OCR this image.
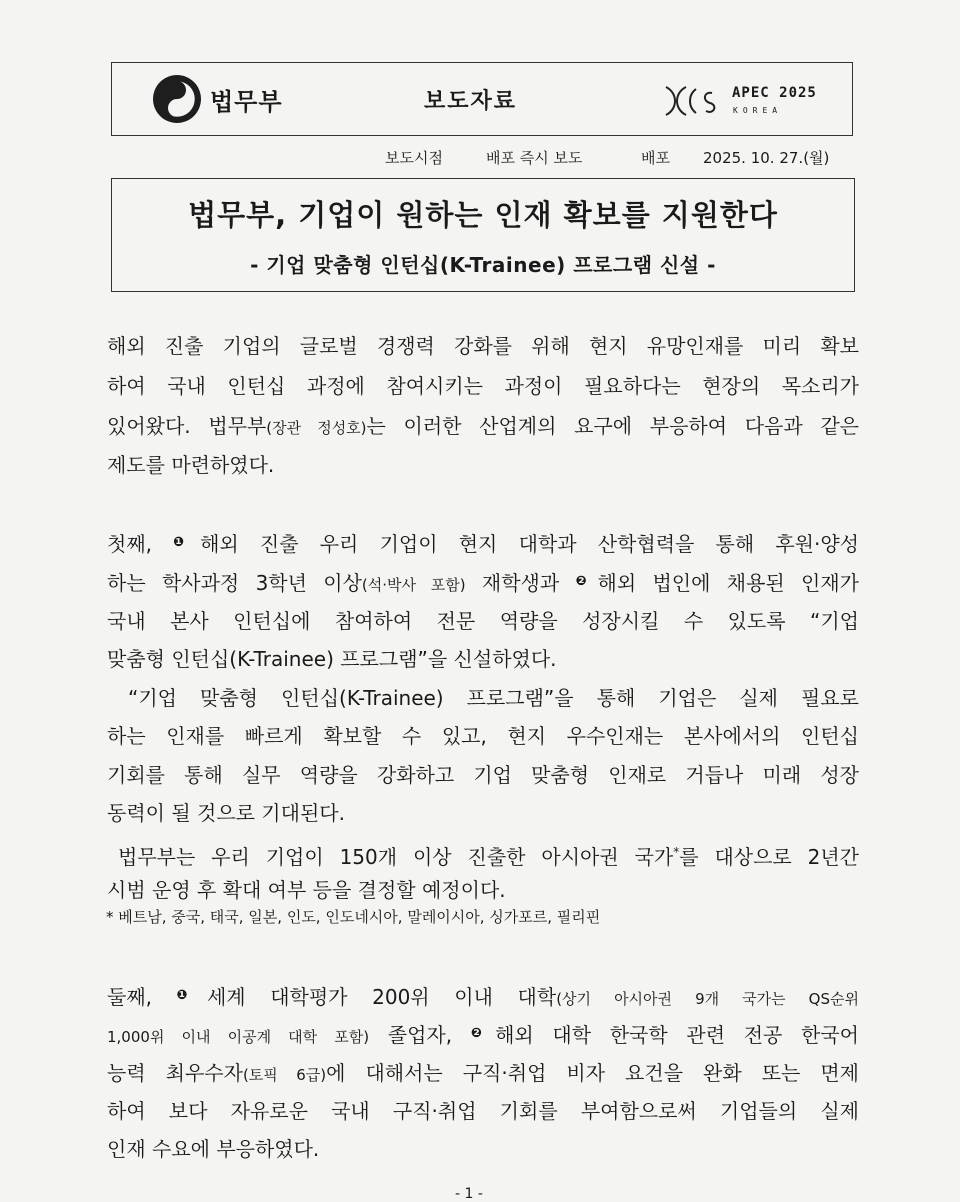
법무부	보도자료	APEC 2025
KOREA
보도시점	배포 즉시 보도	배포 2025. 10. 27.(월)
법무부, 기업이 원하는 인재 확보를 지원한다
- 기업 맞춤형 인턴십(K-Trainee) 프로그램 신설 -
해외 진출 기업의 글로벌 경쟁력 강화를 위해 현지 유망인재를 미리 확보
하여 국내 인턴십 과정에 참여시키는 과정이 필요하다는 현장의 목소리가
있어왔다. 법무부(장관 정성호)는 이러한 산업계의 요구에 부응하여 다음과 같은
제도를 마련하였다.
첫째, $^❶$해외 진출 우리 기업이 현지 대학과 산학협력을 통해 후원·양성
하는 학사과정 3학년 이상(석·박사 포함) 재학생과 $^❷$해외 법인에 채용된 인재가
국내 본사 인턴십에 참여하여 전문 역량을 성장시킬 수 있도록 “기업
맞춤형 인턴십(K-Trainee) 프로그램”을 신설하였다.
“기업 맞춤형 인턴십(K-Trainee) 프로그램”을 통해 기업은 실제 필요로
하는 인재를 빠르게 확보할 수 있고, 현지 우수인재는 본사에서의 인턴십
기회를 통해 실무 역량을 강화하고 기업 맞춤형 인재로 거듭나 미래 성장
동력이 될 것으로 기대된다.
법무부는 우리 기업이 150개 이상 진출한 아시아권 국가*를 대상으로 2년간
시범 운영 후 확대 여부 등을 결정할 예정이다.
* 베트남, 중국, 태국, 일본, 인도, 인도네시아, 말레이시아, 싱가포르, 필리핀
둘째, $^❶$세계 대학평가 200위 이내 대학(상기 아시아권 9개 국가는 QS순위
1,000위 이내 이공계 대학 포함) 졸업자, $^❷$해외 대학 한국학 관련 전공 한국어
능력 최우수자(토픽 6급)에 대해서는 구직·취업 비자 요건을 완화 또는 면제
하여 보다 자유로운 국내 구직·취업 기회를 부여함으로써 기업들의 실제
인재 수요에 부응하였다.
- 1 -
